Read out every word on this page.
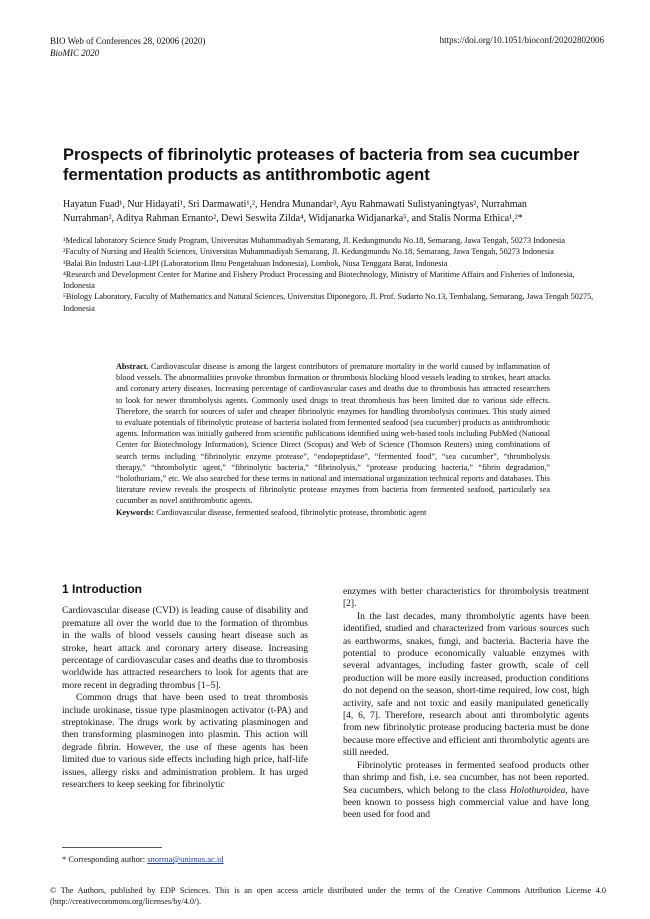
BIO Web of Conferences 28, 02006 (2020)
BioMIC 2020
https://doi.org/10.1051/bioconf/20202802006
Prospects of fibrinolytic proteases of bacteria from sea cucumber fermentation products as antithrombotic agent
Hayatun Fuad¹, Nur Hidayati¹, Sri Darmawati¹,², Hendra Munandar³, Ayu Rahmawati Sulistyaningtyas², Nurrahman
Nurrahman², Aditya Rahman Ernanto², Dewi Seswita Zilda⁴, Widjanarka Widjanarka⁵, and Stalis Norma Ethica¹,²*

¹Medical laboratory Science Study Program, Universitas Muhammadiyah Semarang, Jl. Kedungmundu No.18, Semarang, Jawa Tengah, 50273 Indonesia

²Faculty of Nursing and Health Sciences, Universitas Muhammadiyah Semarang, Jl. Kedungmundu No.18, Semarang, Jawa Tengah, 50273 Indonesia

³Balai Bio Industri Laut-LIPI (Laboratorium Ilmu Pengetahuan Indonesia), Lombok, Nusa Tenggara Barat, Indonesia

⁴Research and Development Center for Marine and Fishery Product Processing and Biotechnology, Ministry of Maritime Affairs and Fisheries of Indonesia, Indonesia

⁵Biology Laboratory, Faculty of Mathematics and Natural Sciences, Universitas Diponegoro, Jl. Prof. Sudarto No.13, Tembalang, Semarang, Jawa Tengah 50275, Indonesia

Abstract. Cardiovascular disease is among the largest contributors of premature mortality in the world caused by inflammation of blood vessels. The abnormalities provoke thrombus formation or thrombosis blocking blood vessels leading to strokes, heart attacks and coronary artery diseases. Increasing percentage of cardiovascular cases and deaths due to thrombosis has attracted researchers to look for newer thrombolysis agents. Commonly used drugs to treat thrombosis has been limited due to various side effects. Therefore, the search for sources of safer and cheaper fibrinolytic enzymes for handling thrombolysis continues. This study aimed to evaluate potentials of fibrinolytic protease of bacteria isolated from fermented seafood (sea cucumber) products as antithrombotic agents. Information was initially gathered from scientific publications identified using web-based tools including PubMed (National Center for Biotechnology Information), Science Direct (Scopus) and Web of Science (Thomson Reuters) using combinations of search terms including “fibrinolytic enzyme protease”, “endopeptidase”, “fermented food”, “sea cucumber”, “thrombolysis therapy,” “thrombolytic agent,” “fibrinolytic bacteria,” “fibrinolysis,” “protease producing bacteria,” “fibrin degradation,” “holothurians,” etc. We also searched for these terms in national and international organization technical reports and databases. This literature review reveals the prospects of fibrinolytic protease enzymes from bacteria from fermented seafood, particularly sea cucumber as novel antithrombotic agents.

Keywords: Cardiovascular disease, fermented seafood, fibrinolytic protease, thrombotic agent

1 Introduction

Cardiovascular disease (CVD) is leading cause of disability and premature all over the world due to the formation of thrombus in the walls of blood vessels causing heart disease such as stroke, heart attack and coronary artery disease. Increasing percentage of cardiovascular cases and deaths due to thrombosis worldwide has attracted researchers to look for agents that are more recent in degrading thrombus [1–5].

Common drugs that have been used to treat thrombosis include urokinase, tissue type plasminogen activator (t-PA) and streptokinase. The drugs work by activating plasminogen and then transforming plasminogen into plasmin. This action will degrade fibrin. However, the use of these agents has been limited due to various side effects including high price, half-life issues, allergy risks and administration problem. It has urged researchers to keep seeking for fibrinolytic

enzymes with better characteristics for thrombolysis treatment [2].

In the last decades, many thrombolytic agents have been identified, studied and characterized from various sources such as earthworms, snakes, fungi, and bacteria. Bacteria have the potential to produce economically valuable enzymes with several advantages, including faster growth, scale of cell production will be more easily increased, production conditions do not depend on the season, short-time required, low cost, high activity, safe and not toxic and easily manipulated genetically [4, 6, 7]. Therefore, research about anti thrombolytic agents from new fibrinolytic protease producing bacteria must be done because more effective and efficient anti thrombolytic agents are still needed.

Fibrinolytic proteases in fermented seafood products other than shrimp and fish, i.e. sea cucumber, has not been reported. Sea cucumbers, which belong to the class Holothuroidea, have been known to possess high commercial value and have long been used for food and

* Corresponding author: snorma@unimus.ac.id
© The Authors, published by EDP Sciences. This is an open access article distributed under the terms of the Creative Commons Attribution License 4.0 (http://creativecommons.org/licenses/by/4.0/).
